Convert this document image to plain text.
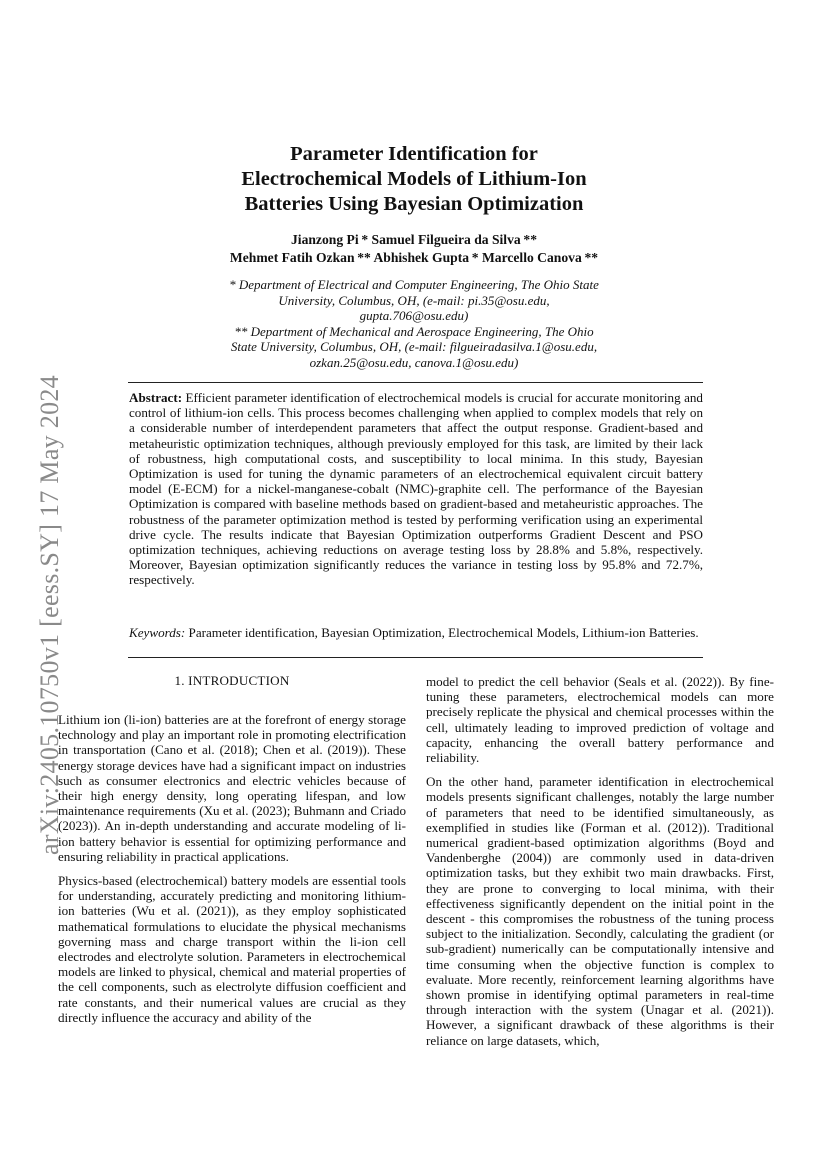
arXiv:2405.10750v1 [eess.SY] 17 May 2024
Parameter Identification for
Electrochemical Models of Lithium-Ion
Batteries Using Bayesian Optimization
Jianzong Pi * Samuel Filgueira da Silva **
Mehmet Fatih Ozkan ** Abhishek Gupta * Marcello Canova **
* Department of Electrical and Computer Engineering, The Ohio State
University, Columbus, OH, (e-mail: pi.35@osu.edu,
gupta.706@osu.edu)
** Department of Mechanical and Aerospace Engineering, The Ohio
State University, Columbus, OH, (e-mail: filgueiradasilva.1@osu.edu,
ozkan.25@osu.edu, canova.1@osu.edu)
Abstract: Efficient parameter identification of electrochemical models is crucial for accurate monitoring and control of lithium-ion cells. This process becomes challenging when applied to complex models that rely on a considerable number of interdependent parameters that affect the output response. Gradient-based and metaheuristic optimization techniques, although previously employed for this task, are limited by their lack of robustness, high computational costs, and susceptibility to local minima. In this study, Bayesian Optimization is used for tuning the dynamic parameters of an electrochemical equivalent circuit battery model (E-ECM) for a nickel-manganese-cobalt (NMC)-graphite cell. The performance of the Bayesian Optimization is compared with baseline methods based on gradient-based and metaheuristic approaches. The robustness of the parameter optimization method is tested by performing verification using an experimental drive cycle. The results indicate that Bayesian Optimization outperforms Gradient Descent and PSO optimization techniques, achieving reductions on average testing loss by 28.8% and 5.8%, respectively. Moreover, Bayesian optimization significantly reduces the variance in testing loss by 95.8% and 72.7%, respectively.
Keywords: Parameter identification, Bayesian Optimization, Electrochemical Models, Lithium-ion Batteries.
1. INTRODUCTION

Lithium ion (li-ion) batteries are at the forefront of energy storage technology and play an important role in promoting electrification in transportation (Cano et al. (2018); Chen et al. (2019)). These energy storage devices have had a significant impact on industries such as consumer electronics and electric vehicles because of their high energy density, long operating lifespan, and low maintenance requirements (Xu et al. (2023); Buhmann and Criado (2023)). An in-depth understanding and accurate modeling of li-ion battery behavior is essential for optimizing performance and ensuring reliability in practical applications.

Physics-based (electrochemical) battery models are essential tools for understanding, accurately predicting and monitoring lithium-ion batteries (Wu et al. (2021)), as they employ sophisticated mathematical formulations to elucidate the physical mechanisms governing mass and charge transport within the li-ion cell electrodes and electrolyte solution. Parameters in electrochemical models are linked to physical, chemical and material properties of the cell components, such as electrolyte diffusion coefficient and rate constants, and their numerical values are crucial as they directly influence the accuracy and ability of the

model to predict the cell behavior (Seals et al. (2022)). By fine-tuning these parameters, electrochemical models can more precisely replicate the physical and chemical processes within the cell, ultimately leading to improved prediction of voltage and capacity, enhancing the overall battery performance and reliability.

On the other hand, parameter identification in electrochemical models presents significant challenges, notably the large number of parameters that need to be identified simultaneously, as exemplified in studies like (Forman et al. (2012)). Traditional numerical gradient-based optimization algorithms (Boyd and Vandenberghe (2004)) are commonly used in data-driven optimization tasks, but they exhibit two main drawbacks. First, they are prone to converging to local minima, with their effectiveness significantly dependent on the initial point in the descent - this compromises the robustness of the tuning process subject to the initialization. Secondly, calculating the gradient (or sub-gradient) numerically can be computationally intensive and time consuming when the objective function is complex to evaluate. More recently, reinforcement learning algorithms have shown promise in identifying optimal parameters in real-time through interaction with the system (Unagar et al. (2021)). However, a significant drawback of these algorithms is their reliance on large datasets, which,
